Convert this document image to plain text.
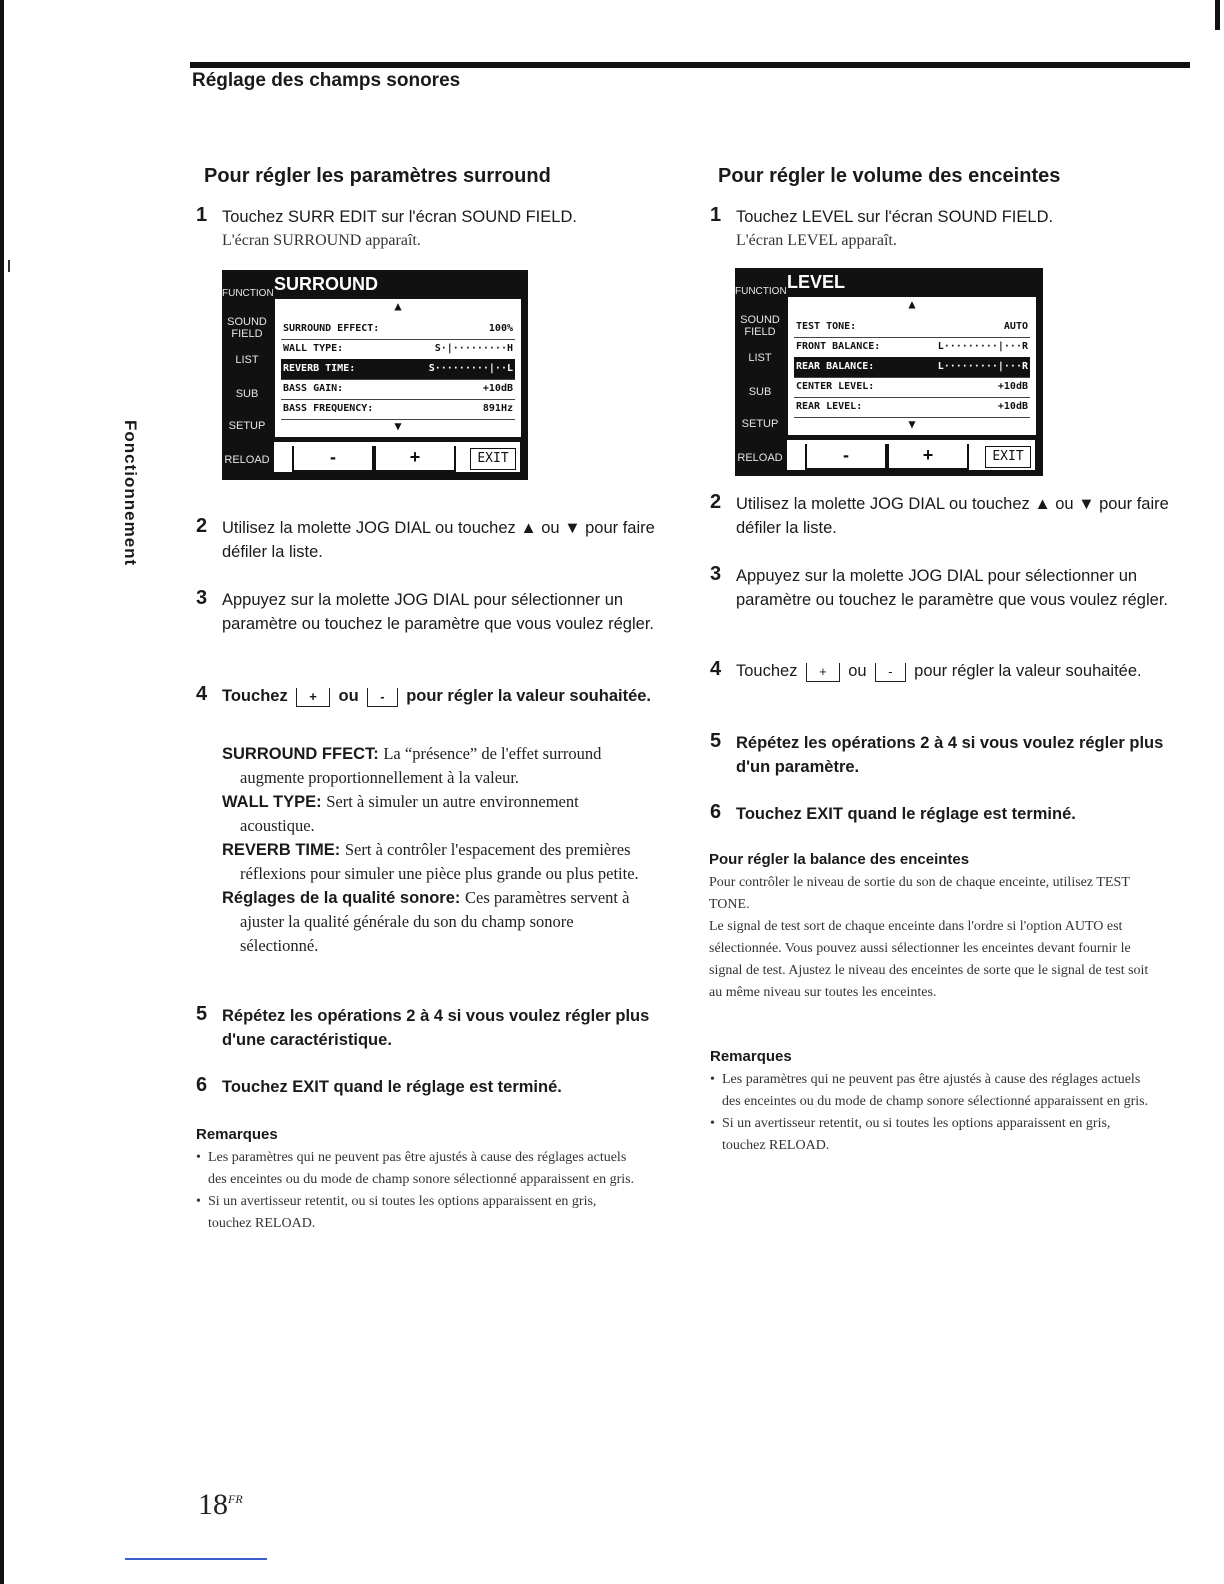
Réglage des champs sonores
Fonctionnement
Pour régler les paramètres surround
1 Touchez SURR EDIT sur l'écran SOUND FIELD.

L'écran SURROUND apparaît.

FUNCTION
SOUND FIELD
LIST
SUB
SETUP
RELOAD
SURROUND
▲
SURROUND EFFECT:	100%
WALL TYPE:	S·|·········H
REVERB TIME:	S·········|··L
BASS GAIN:	+10dB
BASS FREQUENCY:	891Hz
▼
-	+	EXIT
2 Utilisez la molette JOG DIAL ou touchez ▲ ou ▼ pour faire défiler la liste.

3 Appuyez sur la molette JOG DIAL pour sélectionner un paramètre ou touchez le paramètre que vous voulez régler.

4 Touchez + ou - pour régler la valeur souhaitée.

SURROUND FFECT: La “présence” de l'effet surround augmente proportionnellement à la valeur.

WALL TYPE: Sert à simuler un autre environnement acoustique.

REVERB TIME: Sert à contrôler l'espacement des premières réflexions pour simuler une pièce plus grande ou plus petite.

Réglages de la qualité sonore: Ces paramètres servent à ajuster la qualité générale du son du champ sonore sélectionné.

5 Répétez les opérations 2 à 4 si vous voulez régler plus d'une caractéristique.

6 Touchez EXIT quand le réglage est terminé.

Remarques
• Les paramètres qui ne peuvent pas être ajustés à cause des réglages actuels des enceintes ou du mode de champ sonore sélectionné apparaissent en gris.
• Si un avertisseur retentit, ou si toutes les options apparaissent en gris, touchez RELOAD.
Pour régler le volume des enceintes
1 Touchez LEVEL sur l'écran SOUND FIELD.

L'écran LEVEL apparaît.

FUNCTION
SOUND FIELD
LIST
SUB
SETUP
RELOAD
LEVEL
▲
TEST TONE:	AUTO
FRONT BALANCE:	L·········|···R
REAR BALANCE:	L·········|···R
CENTER LEVEL:	+10dB
REAR LEVEL:	+10dB
▼
-	+	EXIT
2 Utilisez la molette JOG DIAL ou touchez ▲ ou ▼ pour faire défiler la liste.

3 Appuyez sur la molette JOG DIAL pour sélectionner un paramètre ou touchez le paramètre que vous voulez régler.

4 Touchez + ou - pour régler la valeur souhaitée.

5 Répétez les opérations 2 à 4 si vous voulez régler plus d'un paramètre.

6 Touchez EXIT quand le réglage est terminé.

Pour régler la balance des enceintes
Pour contrôler le niveau de sortie du son de chaque enceinte, utilisez TEST TONE.
Le signal de test sort de chaque enceinte dans l'ordre si l'option AUTO est sélectionnée. Vous pouvez aussi sélectionner les enceintes devant fournir le signal de test. Ajustez le niveau des enceintes de sorte que le signal de test soit au même niveau sur toutes les enceintes.
Remarques
• Les paramètres qui ne peuvent pas être ajustés à cause des réglages actuels des enceintes ou du mode de champ sonore sélectionné apparaissent en gris.
• Si un avertisseur retentit, ou si toutes les options apparaissent en gris, touchez RELOAD.
$18^{FR}$
